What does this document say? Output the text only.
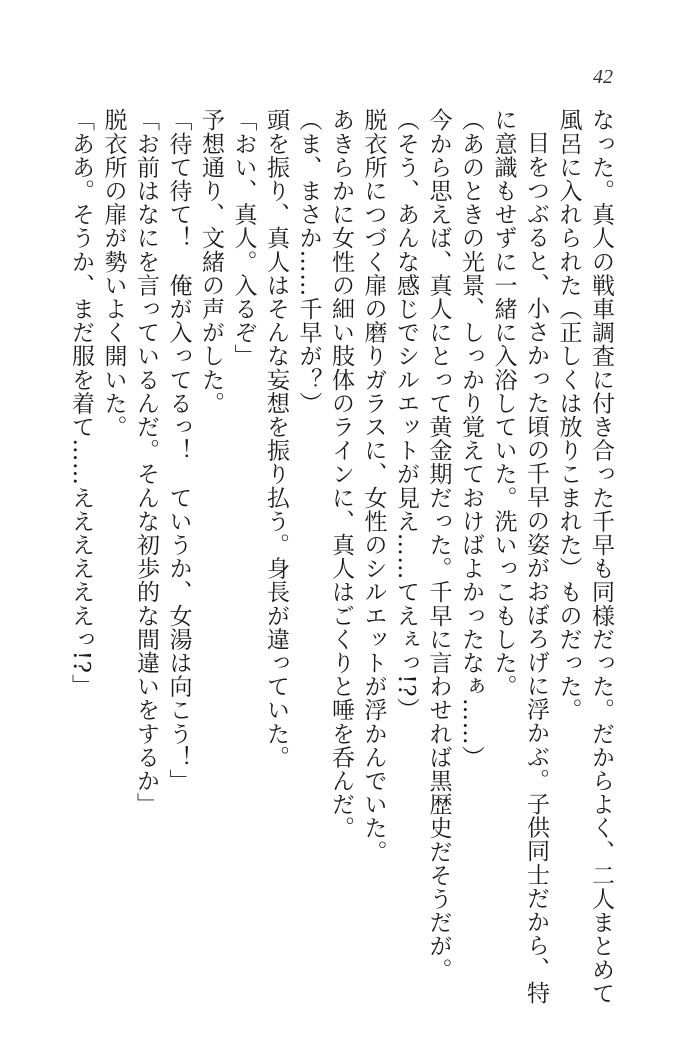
42
なった。真人の戦車調査に付き合った千早も同様だった。だからよく、二人まとめて
風呂に入れられた（正しくは放りこまれた）ものだった。
目をつぶると、小さかった頃の千早の姿がおぼろげに浮かぶ。子供同士だから、特
に意識もせずに一緒に入浴していた。洗いっこもした。
（あのときの光景、しっかり覚えておけばよかったなぁ……）
今から思えば、真人にとって黄金期だった。千早に言わせれば黒歴史だそうだが。
（そう、あんな感じでシルエットが見え……てえぇっ!?）
脱衣所につづく扉の磨りガラスに、女性のシルエットが浮かんでいた。
あきらかに女性の細い肢体のラインに、真人はごくりと唾を呑んだ。
（ま、まさか……千早が？）
頭を振り、真人はそんな妄想を振り払う。身長が違っていた。
「おい、真人。入るぞ」
予想通り、文緒の声がした。
「待て待て！　俺が入ってるっ！　ていうか、女湯は向こう！」
「お前はなにを言っているんだ。そんな初歩的な間違いをするか」
脱衣所の扉が勢いよく開いた。
「ああ。そうか、まだ服を着て……ええええええっ!?」
